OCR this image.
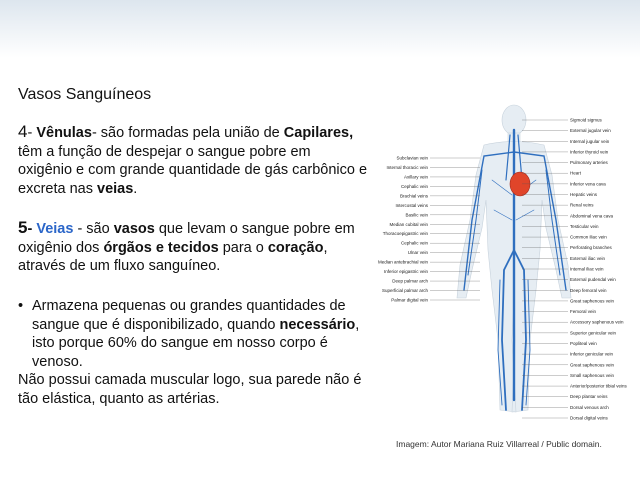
Vasos Sanguíneos
4- Vênulas- são formadas pela união de Capilares, têm a função de despejar o sangue pobre em oxigênio e com grande quantidade de gás carbônico e excreta nas veias.
5- Veias - são vasos que levam o sangue pobre em oxigênio dos órgãos e tecidos para o coração, através de um fluxo sanguíneo.
• Armazena pequenas ou grandes quantidades de sangue que é disponibilizado, quando necessário, isto porque 60% do sangue em nosso corpo é venoso.
Não possui camada muscular logo, sua parede não é tão elástica, quanto as artérias.
Subclavian vein
Internal thoracic vein
Axillary vein
Cephalic vein
Brachial veins
Intercostal veins
Basilic vein
Median cubital vein
Thoracoepigastric vein
Cephalic vein
Ulnar vein
Median antebrachial vein
Inferior epigastric vein
Deep palmar arch
Superficial palmar arch
Palmar digital vein
Sigmoid sigmus
External jugular vein
Internal jugular vein
Inferior thyroid vein
Pulmonary arteries
Heart
Inferior vena cava
Hepatic veins
Renal veins
Abdominal vena cava
Testicular vein
Common iliac vein
Perforating branches
External iliac vein
Internal iliac vein
External pudendal vein
Deep femoral vein
Great saphenous vein
Femoral vein
Accessory saphenous vein
Superior genicular vein
Popliteal vein
Inferior genicular vein
Great saphenous vein
Small saphenous vein
Anterior/posterior tibial veins
Deep plantar veins
Dorsal venous arch
Dorsal digital veins
Imagem: Autor Mariana Ruiz Villarreal / Public domain.
